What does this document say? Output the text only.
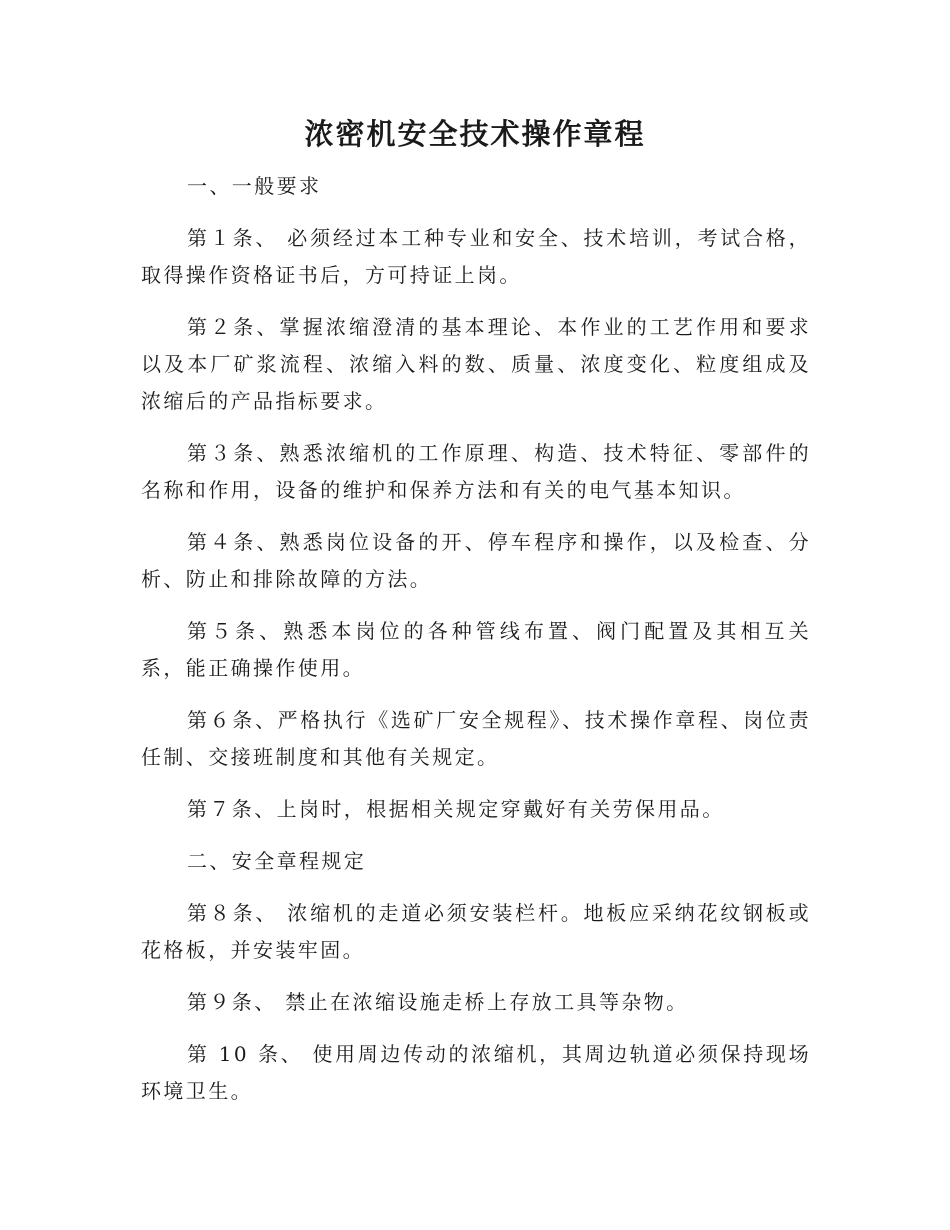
浓密机安全技术操作章程

一、一般要求

第１条、 必须经过本工种专业和安全、技术培训，考试合格，取得操作资格证书后，方可持证上岗。

第２条、掌握浓缩澄清的基本理论、本作业的工艺作用和要求以及本厂矿浆流程、浓缩入料的数、质量、浓度变化、粒度组成及浓缩后的产品指标要求。

第３条、熟悉浓缩机的工作原理、构造、技术特征、零部件的名称和作用，设备的维护和保养方法和有关的电气基本知识。

第４条、熟悉岗位设备的开、停车程序和操作，以及检查、分析、防止和排除故障的方法。

第５条、熟悉本岗位的各种管线布置、阀门配置及其相互关系，能正确操作使用。

第６条、严格执行《选矿厂安全规程》、技术操作章程、岗位责任制、交接班制度和其他有关规定。

第７条、上岗时，根据相关规定穿戴好有关劳保用品。

二、安全章程规定

第８条、 浓缩机的走道必须安装栏杆。地板应采纳花纹钢板或花格板，并安装牢固。

第９条、 禁止在浓缩设施走桥上存放工具等杂物。

第 10 条、 使用周边传动的浓缩机，其周边轨道必须保持现场环境卫生。
